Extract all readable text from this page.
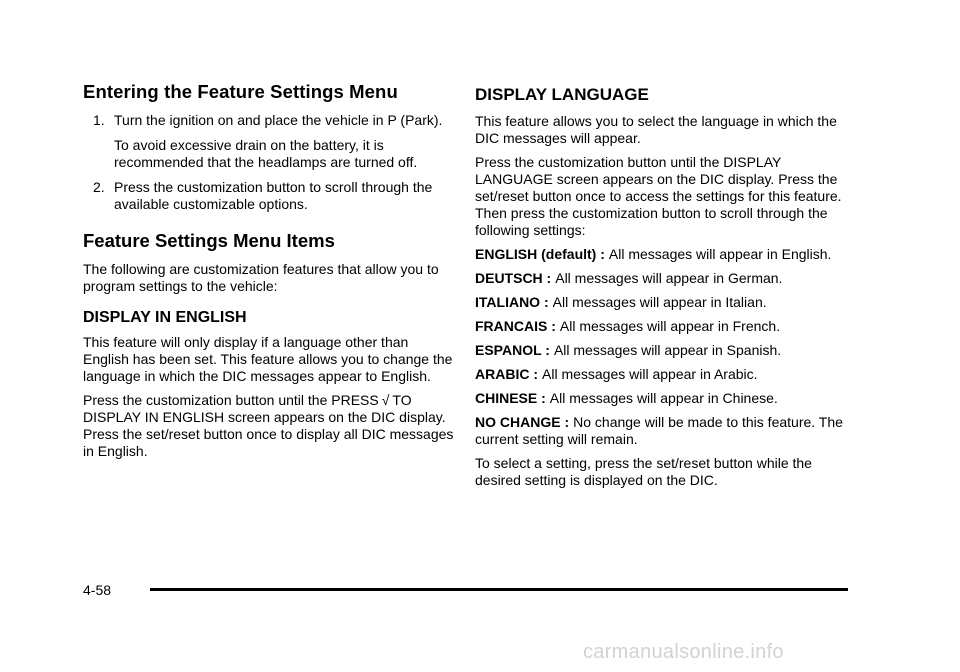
Entering the Feature Settings Menu
1. Turn the ignition on and place the vehicle in P (Park).

To avoid excessive drain on the battery, it is recommended that the headlamps are turned off.

2. Press the customization button to scroll through the available customizable options.

Feature Settings Menu Items

The following are customization features that allow you to program settings to the vehicle:

DISPLAY IN ENGLISH

This feature will only display if a language other than English has been set. This feature allows you to change the language in which the DIC messages appear to English.

Press the customization button until the PRESS √ TO DISPLAY IN ENGLISH screen appears on the DIC display. Press the set/reset button once to display all DIC messages in English.

DISPLAY LANGUAGE

This feature allows you to select the language in which the DIC messages will appear.

Press the customization button until the DISPLAY LANGUAGE screen appears on the DIC display. Press the set/reset button once to access the settings for this feature. Then press the customization button to scroll through the following settings:

ENGLISH (default) : All messages will appear in English.

DEUTSCH : All messages will appear in German.

ITALIANO : All messages will appear in Italian.

FRANCAIS : All messages will appear in French.

ESPANOL : All messages will appear in Spanish.

ARABIC : All messages will appear in Arabic.

CHINESE : All messages will appear in Chinese.

NO CHANGE : No change will be made to this feature. The current setting will remain.

To select a setting, press the set/reset button while the desired setting is displayed on the DIC.

4-58
carmanualsonline.info
